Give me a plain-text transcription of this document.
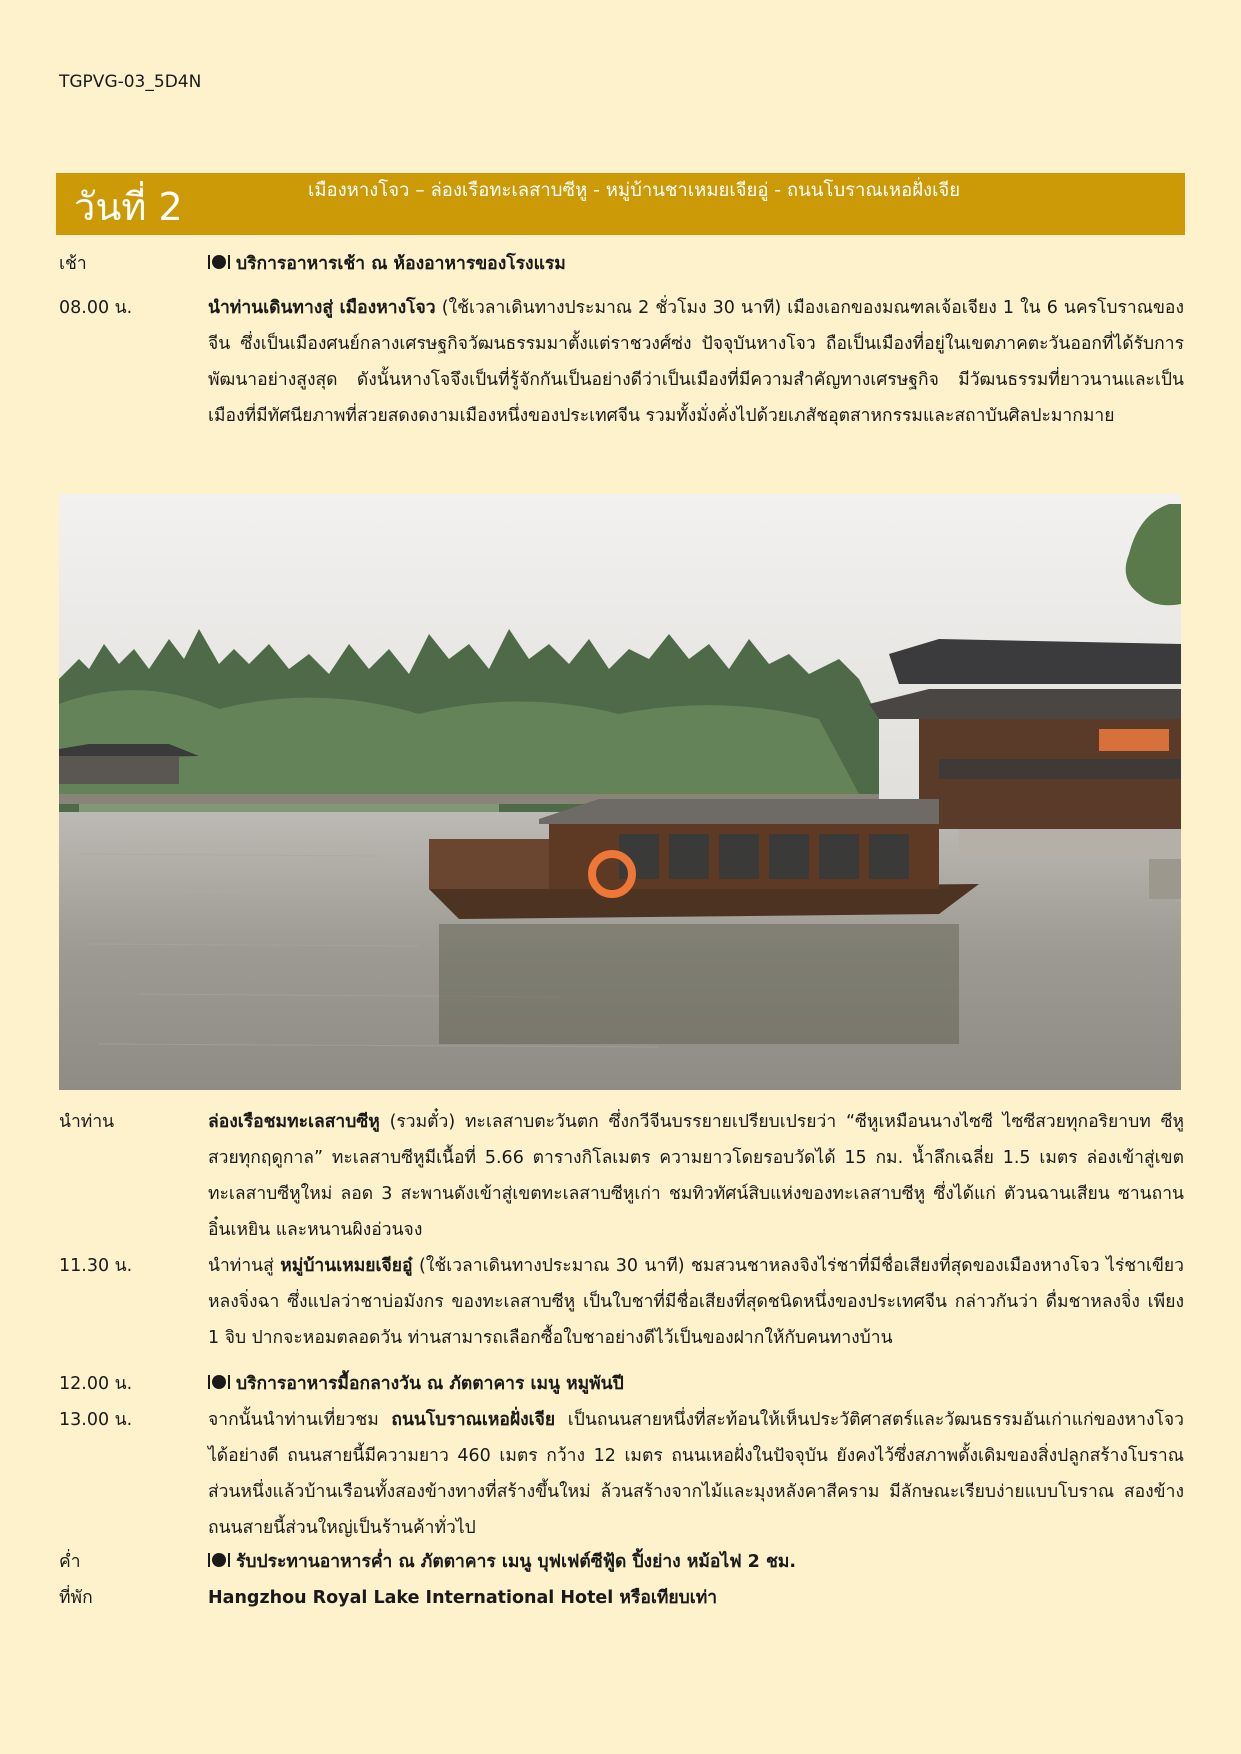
TGPVG-03_5D4N
วันที่ 2	เมืองหางโจว – ล่องเรือทะเลสาบซีหู - หมู่บ้านชาเหมยเจียอู่ - ถนนโบราณเหอฝั่งเจีย
เช้า	บริการอาหารเช้า ณ ห้องอาหารของโรงแรม
08.00 น.	นำท่านเดินทางสู่ เมืองหางโจว (ใช้เวลาเดินทางประมาณ 2 ชั่วโมง 30 นาที) เมืองเอกของมณฑลเจ้อเจียง 1 ใน 6 นครโบราณของจีน ซึ่งเป็นเมืองศนย์กลางเศรษฐกิจวัฒนธรรมมาตั้งแต่ราชวงศ์ซ่ง ปัจจุบันหางโจว ถือเป็นเมืองที่อยู่ในเขตภาคตะวันออกที่ได้รับการพัฒนาอย่างสูงสุด ดังนั้นหางโจจึงเป็นที่รู้จักกันเป็นอย่างดีว่าเป็นเมืองที่มีความสำคัญทางเศรษฐกิจ มีวัฒนธรรมที่ยาวนานและเป็นเมืองที่มีทัศนียภาพที่สวยสดงดงามเมืองหนึ่งของประเทศจีน รวมทั้งมั่งคั่งไปด้วยเภสัชอุตสาหกรรมและสถาบันศิลปะมากมาย
นำท่าน	ล่องเรือชมทะเลสาบซีหู (รวมตั๋ว) ทะเลสาบตะวันตก ซึ่งกวีจีนบรรยายเปรียบเปรยว่า “ซีหูเหมือนนางไซซี ไซซีสวยทุกอริยาบท ซีหูสวยทุกฤดูกาล” ทะเลสาบซีหูมีเนื้อที่ 5.66 ตารางกิโลเมตร ความยาวโดยรอบวัดได้ 15 กม. น้ำลึกเฉลี่ย 1.5 เมตร ล่องเข้าสู่เขตทะเลสาบซีหูใหม่ ลอด 3 สะพานดังเข้าสู่เขตทะเลสาบซีหูเก่า ชมทิวทัศน์สิบแห่งของทะเลสาบซีหู ซึ่งได้แก่ ตัวนฉานเสียน ซานถาน อิ๋นเหยิน และหนานผิงอ่วนจง
11.30 น.	นำท่านสู่ หมู่บ้านเหมยเจียอู๋ (ใช้เวลาเดินทางประมาณ 30 นาที) ชมสวนชาหลงจิงไร่ชาที่มีชื่อเสียงที่สุดของเมืองหางโจว ไร่ชาเขียว หลงจิ่งฉา ซึ่งแปลว่าชาบ่อมังกร ของทะเลสาบซีหู เป็นใบชาที่มีชื่อเสียงที่สุดชนิดหนึ่งของประเทศจีน กล่าวกันว่า ดื่มชาหลงจิ่ง เพียง 1 จิบ ปากจะหอมตลอดวัน ท่านสามารถเลือกซื้อใบชาอย่างดีไว้เป็นของฝากให้กับคนทางบ้าน
12.00 น.	บริการอาหารมื้อกลางวัน ณ ภัตตาคาร เมนู หมูพันปี
13.00 น.	จากนั้นนำท่านเที่ยวชม ถนนโบราณเหอฝั่งเจีย เป็นถนนสายหนึ่งที่สะท้อนให้เห็นประวัติศาสตร์และวัฒนธรรมอันเก่าแก่ของหางโจวได้อย่างดี ถนนสายนี้มีความยาว 460 เมตร กว้าง 12 เมตร ถนนเหอฝั่งในปัจจุบัน ยังคงไว้ซึ่งสภาพดั้งเดิมของสิ่งปลูกสร้างโบราณส่วนหนึ่งแล้วบ้านเรือนทั้งสองข้างทางที่สร้างขึ้นใหม่ ล้วนสร้างจากไม้และมุงหลังคาสีคราม มีลักษณะเรียบง่ายแบบโบราณ สองข้างถนนสายนี้ส่วนใหญ่เป็นร้านค้าทั่วไป
ค่ำ	รับประทานอาหารค่ำ ณ ภัตตาคาร เมนู บุฟเฟต์ซีฟู้ด ปิ้งย่าง หม้อไฟ 2 ชม.
ที่พัก	Hangzhou Royal Lake International Hotel หรือเทียบเท่า
